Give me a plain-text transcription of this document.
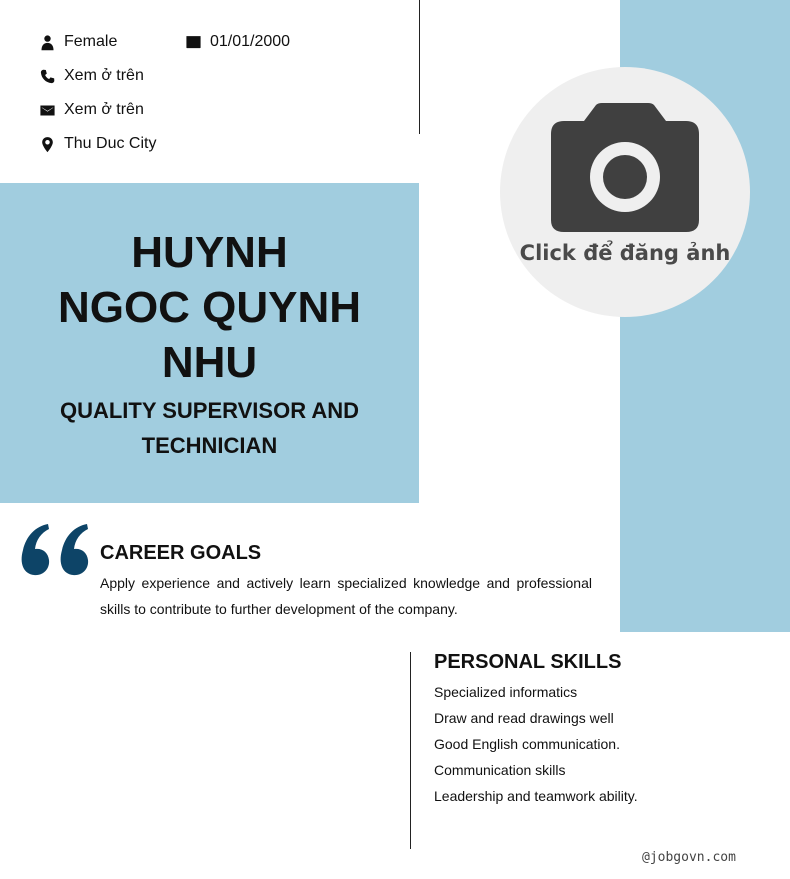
Female	01/01/2000
Xem ở trên
Xem ở trên
Thu Duc City
HUYNH
NGOC QUYNH
NHU
QUALITY SUPERVISOR AND
TECHNICIAN
Click để đăng ảnh
CAREER GOALS
Apply experience and actively learn specialized knowledge and professional skills to contribute to further development of the company.
PERSONAL SKILLS
Specialized informatics
Draw and read drawings well
Good English communication.
Communication skills
Leadership and teamwork ability.
@jobgovn.com
